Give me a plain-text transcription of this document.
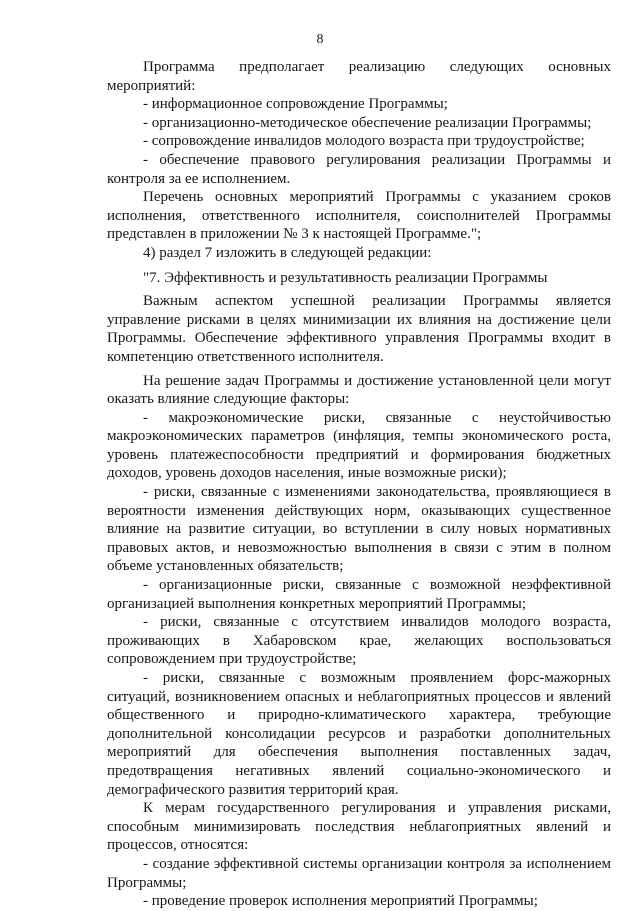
8

Программа предполагает реализацию следующих основных мероприятий:

- информационное сопровождение Программы;

- организационно-методическое обеспечение реализации Программы;

- сопровождение инвалидов молодого возраста при трудоустройстве;

- обеспечение правового регулирования реализации Программы и контроля за ее исполнением.

Перечень основных мероприятий Программы с указанием сроков исполнения, ответственного исполнителя, соисполнителей Программы представлен в приложении № 3 к настоящей Программе.";

4) раздел 7 изложить в следующей редакции:

"7. Эффективность и результативность реализации Программы

Важным аспектом успешной реализации Программы является управление рисками в целях минимизации их влияния на достижение цели Программы. Обеспечение эффективного управления Программы входит в компетенцию ответственного исполнителя.

На решение задач Программы и достижение установленной цели могут оказать влияние следующие факторы:

- макроэкономические риски, связанные с неустойчивостью макроэкономических параметров (инфляция, темпы экономического роста, уровень платежеспособности предприятий и формирования бюджетных доходов, уровень доходов населения, иные возможные риски);

- риски, связанные с изменениями законодательства, проявляющиеся в вероятности изменения действующих норм, оказывающих существенное влияние на развитие ситуации, во вступлении в силу новых нормативных правовых актов, и невозможностью выполнения в связи с этим в полном объеме установленных обязательств;

- организационные риски, связанные с возможной неэффективной организацией выполнения конкретных мероприятий Программы;

- риски, связанные с отсутствием инвалидов молодого возраста, проживающих в Хабаровском крае, желающих воспользоваться сопровождением при трудоустройстве;

- риски, связанные с возможным проявлением форс-мажорных ситуаций, возникновением опасных и неблагоприятных процессов и явлений общественного и природно-климатического характера, требующие дополнительной консолидации ресурсов и разработки дополнительных мероприятий для обеспечения выполнения поставленных задач, предотвращения негативных явлений социально-экономического и демографического развития территорий края.

К мерам государственного регулирования и управления рисками, способным минимизировать последствия неблагоприятных явлений и процессов, относятся:

- создание эффективной системы организации контроля за исполнением Программы;

- проведение проверок исполнения мероприятий Программы;
